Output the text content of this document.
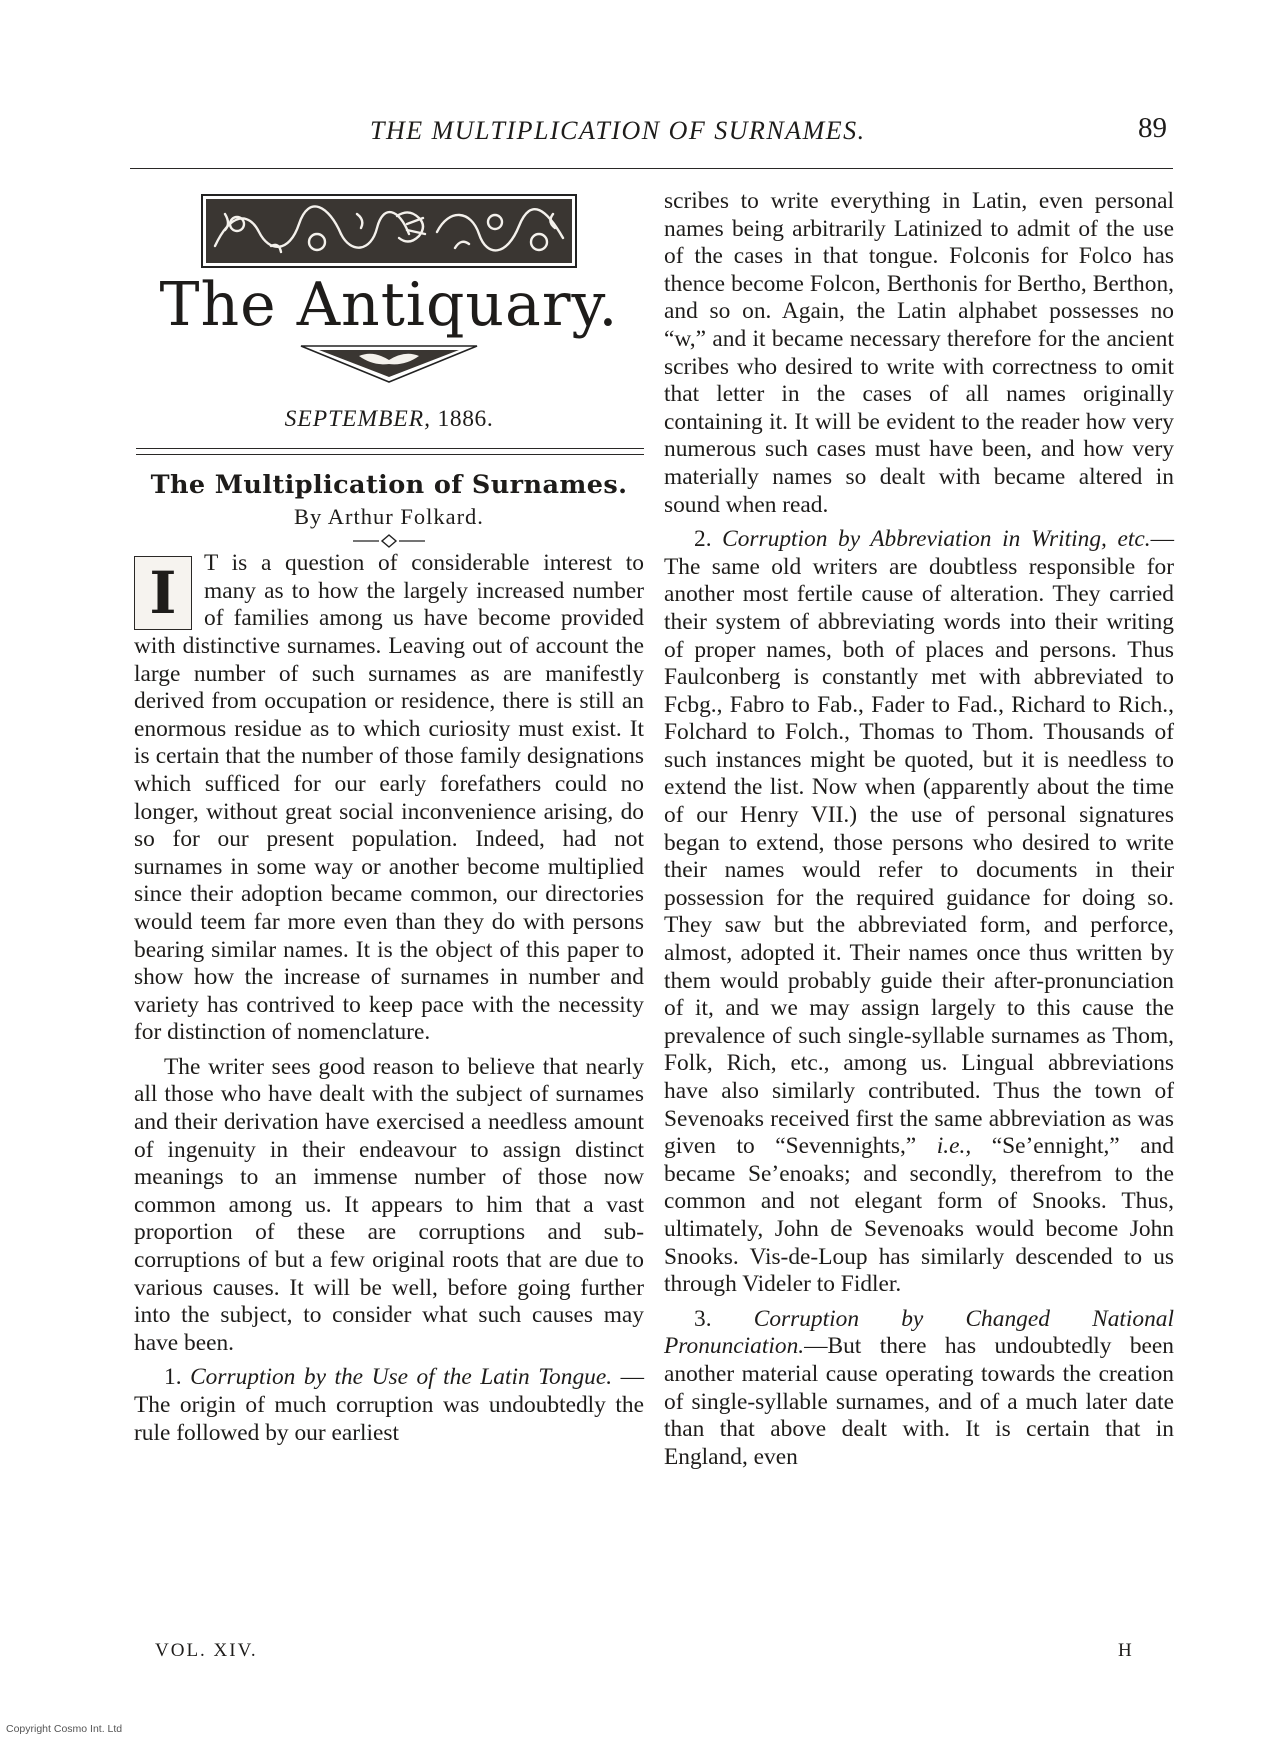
THE MULTIPLICATION OF SURNAMES.	89
The Antiquary.
SEPTEMBER, 1886.
The Multiplication of Surnames.
By Arthur Folkard.

I	T is a question of considerable interest to many as to how the largely increased number of families among us have become provided with distinctive surnames. Leaving out of account the large number of such surnames as are manifestly derived from occupation or residence, there is still an enormous residue as to which curiosity must exist. It is certain that the number of those family designations which sufficed for our early forefathers could no longer, without great social inconvenience arising, do so for our present population. Indeed, had not surnames in some way or another become multiplied since their adoption became common, our directories would teem far more even than they do with persons bearing similar names. It is the object of this paper to show how the increase of surnames in number and variety has contrived to keep pace with the necessity for distinction of nomenclature.

The writer sees good reason to believe that nearly all those who have dealt with the subject of surnames and their derivation have exercised a needless amount of ingenuity in their endeavour to assign distinct meanings to an immense number of those now common among us. It appears to him that a vast proportion of these are corruptions and sub-corruptions of but a few original roots that are due to various causes. It will be well, before going further into the subject, to consider what such causes may have been.

1. Corruption by the Use of the Latin Tongue. —The origin of much corruption was undoubtedly the rule followed by our earliest

scribes to write everything in Latin, even personal names being arbitrarily Latinized to admit of the use of the cases in that tongue. Folconis for Folco has thence become Folcon, Berthonis for Bertho, Berthon, and so on. Again, the Latin alphabet possesses no “w,” and it became necessary therefore for the ancient scribes who desired to write with correctness to omit that letter in the cases of all names originally containing it. It will be evident to the reader how very numerous such cases must have been, and how very materially names so dealt with became altered in sound when read.

2. Corruption by Abbreviation in Writing, etc.—The same old writers are doubtless responsible for another most fertile cause of alteration. They carried their system of abbreviating words into their writing of proper names, both of places and persons. Thus Faulconberg is constantly met with abbreviated to Fcbg., Fabro to Fab., Fader to Fad., Richard to Rich., Folchard to Folch., Thomas to Thom. Thousands of such instances might be quoted, but it is needless to extend the list. Now when (apparently about the time of our Henry VII.) the use of personal signatures began to extend, those persons who desired to write their names would refer to documents in their possession for the required guidance for doing so. They saw but the abbreviated form, and perforce, almost, adopted it. Their names once thus written by them would probably guide their after-pronunciation of it, and we may assign largely to this cause the prevalence of such single-syllable surnames as Thom, Folk, Rich, etc., among us. Lingual abbreviations have also similarly contributed. Thus the town of Sevenoaks received first the same abbreviation as was given to “Sevennights,” i.e., “Se’ennight,” and became Se’enoaks; and secondly, therefrom to the common and not elegant form of Snooks. Thus, ultimately, John de Sevenoaks would become John Snooks. Vis-de-Loup has similarly descended to us through Videler to Fidler.

3. Corruption by Changed National Pronunciation.—But there has undoubtedly been another material cause operating towards the creation of single-syllable surnames, and of a much later date than that above dealt with. It is certain that in England, even

VOL. XIV.	H
Copyright Cosmo Int. Ltd
